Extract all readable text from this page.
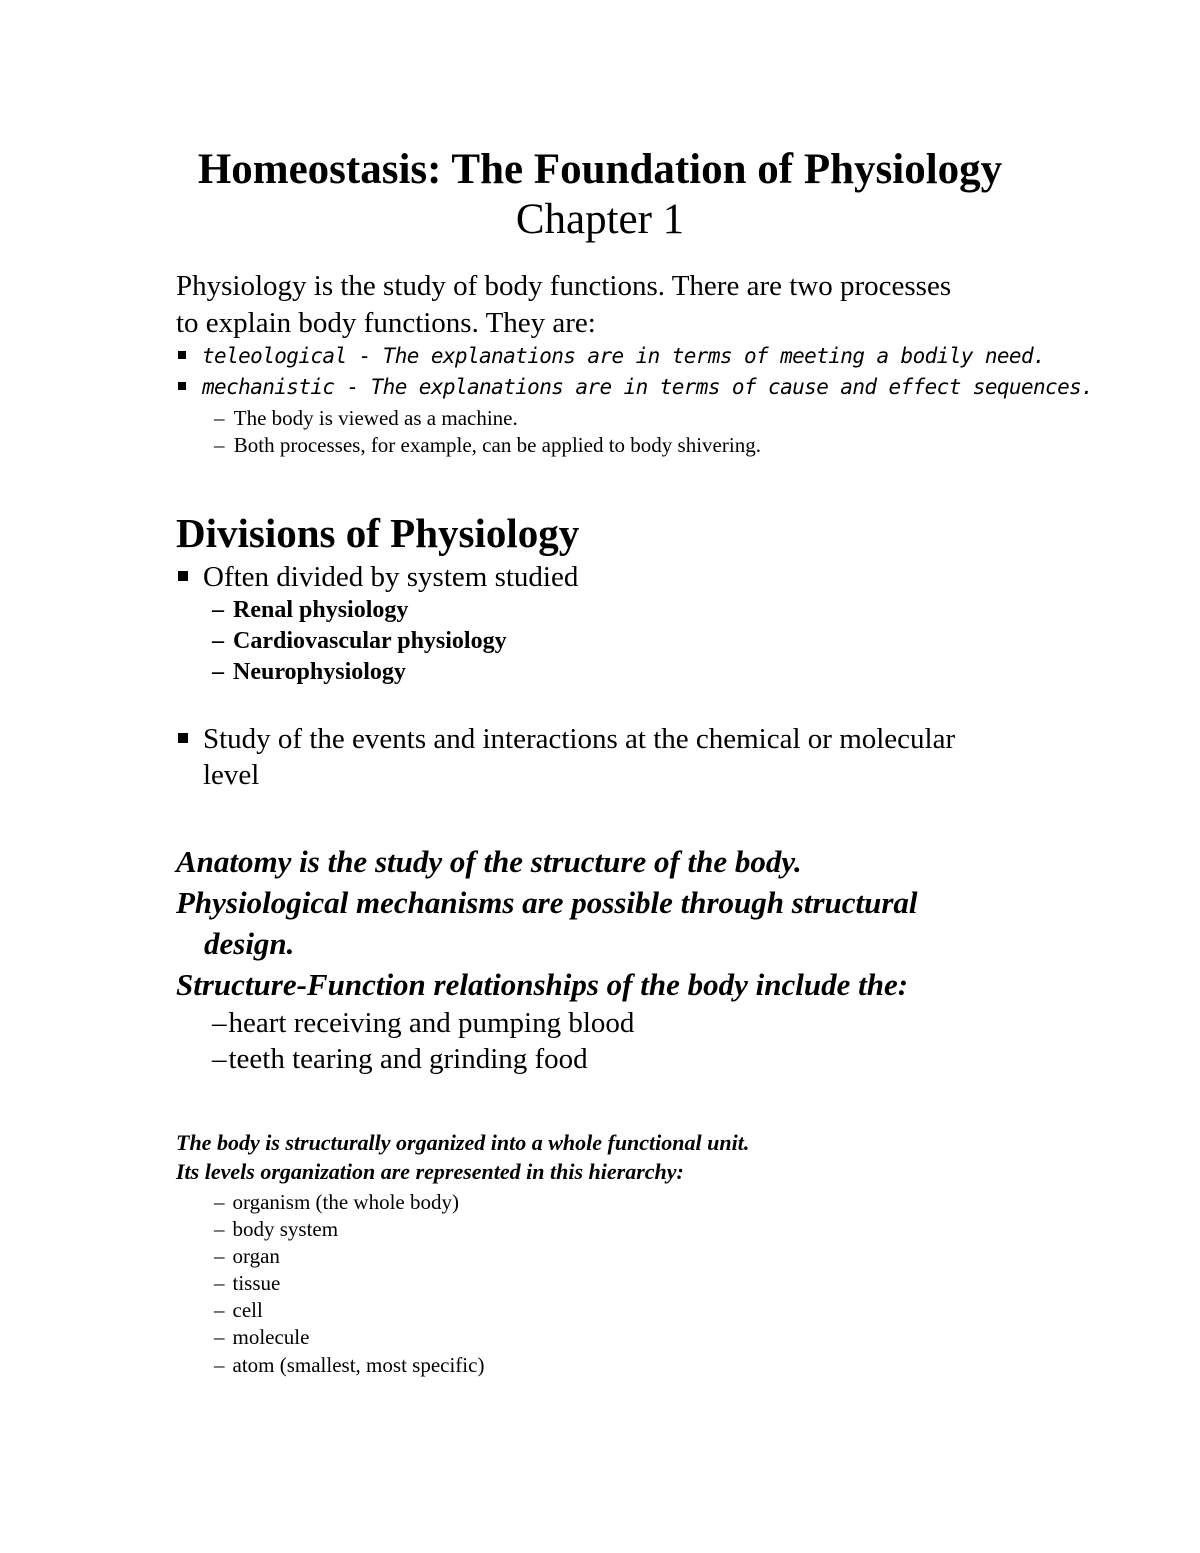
Homeostasis: The Foundation of Physiology
Chapter 1
Physiology is the study of body functions. There are two processes
to explain body functions. They are:
teleological - The explanations are in terms of meeting a bodily need.
mechanistic - The explanations are in terms of cause and effect sequences.
– The body is viewed as a machine.
– Both processes, for example, can be applied to body shivering.
Divisions of Physiology
Often divided by system studied
– Renal physiology
– Cardiovascular physiology
– Neurophysiology
Study of the events and interactions at the chemical or molecular
level
Anatomy is the study of the structure of the body.
Physiological mechanisms are possible through structural
design.
Structure-Function relationships of the body include the:
–heart receiving and pumping blood
–teeth tearing and grinding food
The body is structurally organized into a whole functional unit.
Its levels organization are represented in this hierarchy:
– organism (the whole body)
– body system
– organ
– tissue
– cell
– molecule
– atom (smallest, most specific)
